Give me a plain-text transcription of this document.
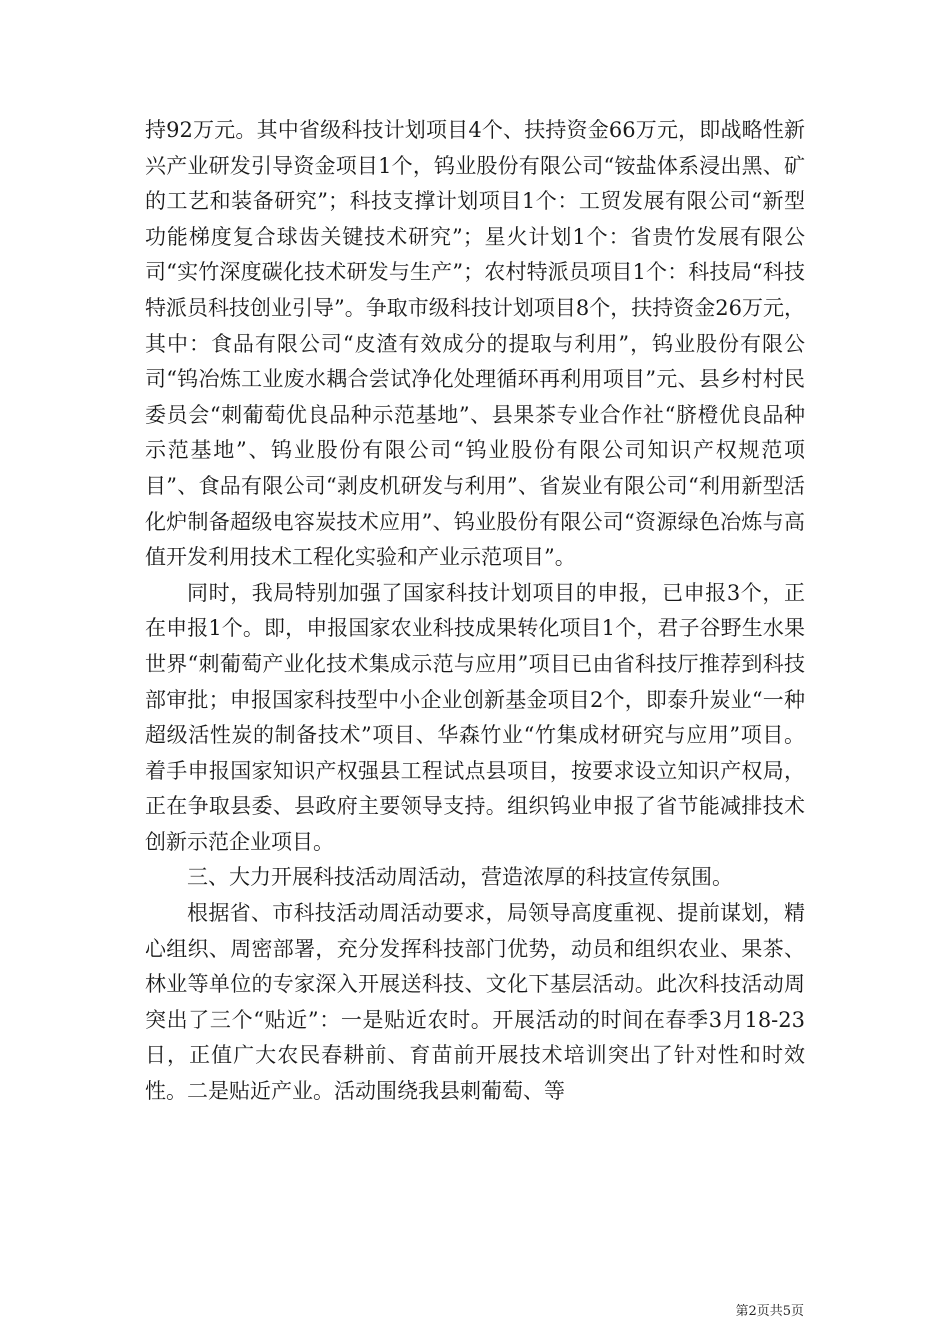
持92万元。其中省级科技计划项目4个、扶持资金66万元，即战略性新兴产业研发引导资金项目1个，钨业股份有限公司“铵盐体系浸出黑、矿的工艺和装备研究”；科技支撑计划项目1个：工贸发展有限公司“新型功能梯度复合球齿关键技术研究”；星火计划1个：省贵竹发展有限公司“实竹深度碳化技术研发与生产”；农村特派员项目1个：科技局“科技特派员科技创业引导”。争取市级科技计划项目8个，扶持资金26万元，其中：食品有限公司“皮渣有效成分的提取与利用”，钨业股份有限公司“钨冶炼工业废水耦合尝试净化处理循环再利用项目”元、县乡村村民委员会“刺葡萄优良品种示范基地”、县果茶专业合作社“脐橙优良品种示范基地”、钨业股份有限公司“钨业股份有限公司知识产权规范项目”、食品有限公司“剥皮机研发与利用”、省炭业有限公司“利用新型活化炉制备超级电容炭技术应用”、钨业股份有限公司“资源绿色冶炼与高值开发利用技术工程化实验和产业示范项目”。

同时，我局特别加强了国家科技计划项目的申报，已申报3个，正在申报1个。即，申报国家农业科技成果转化项目1个，君子谷野生水果世界“刺葡萄产业化技术集成示范与应用”项目已由省科技厅推荐到科技部审批；申报国家科技型中小企业创新基金项目2个，即泰升炭业“一种超级活性炭的制备技术”项目、华森竹业“竹集成材研究与应用”项目。着手申报国家知识产权强县工程试点县项目，按要求设立知识产权局，正在争取县委、县政府主要领导支持。组织钨业申报了省节能减排技术创新示范企业项目。

三、大力开展科技活动周活动，营造浓厚的科技宣传氛围。

根据省、市科技活动周活动要求，局领导高度重视、提前谋划，精心组织、周密部署，充分发挥科技部门优势，动员和组织农业、果茶、林业等单位的专家深入开展送科技、文化下基层活动。此次科技活动周突出了三个“贴近”：一是贴近农时。开展活动的时间在春季3月18-23日，正值广大农民春耕前、育苗前开展技术培训突出了针对性和时效性。二是贴近产业。活动围绕我县刺葡萄、等

第2页共5页
